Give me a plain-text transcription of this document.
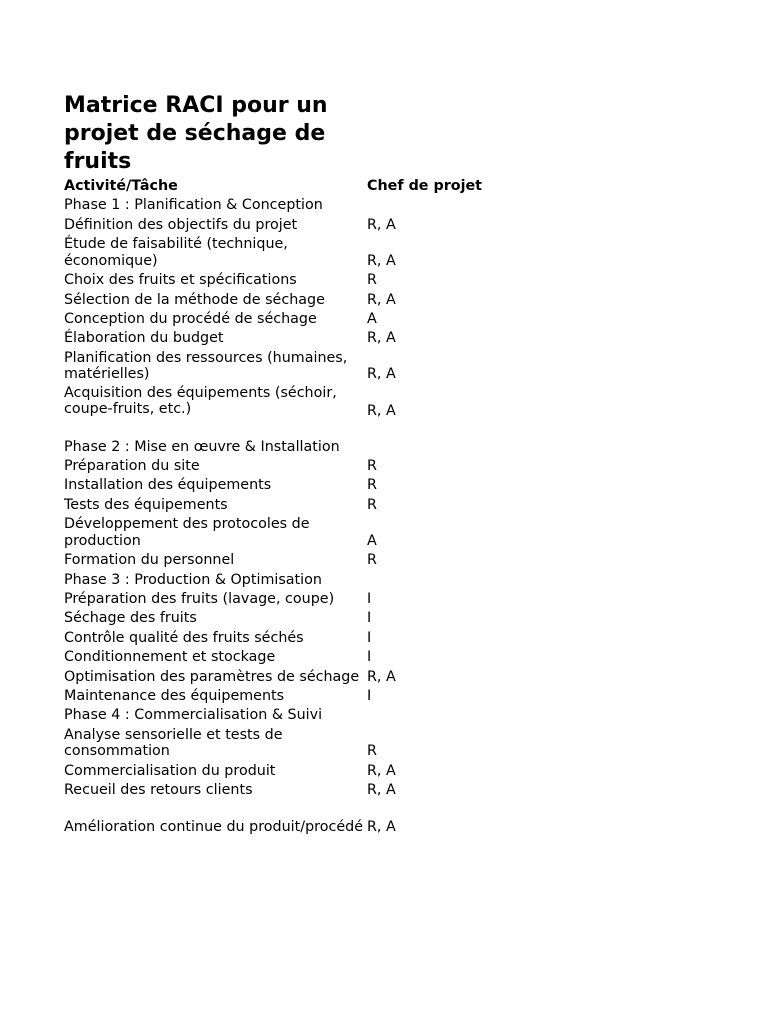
Matrice RACI pour un projet de séchage de fruits
Activité/Tâche	Chef de projet
Phase 1 : Planification & Conception	
Définition des objectifs du projet	R, A
Étude de faisabilité (technique, économique)	R, A
Choix des fruits et spécifications	R
Sélection de la méthode de séchage	R, A
Conception du procédé de séchage	A
Élaboration du budget	R, A
Planification des ressources (humaines, matérielles)	R, A

Acquisition des équipements (séchoir, coupe-fruits, etc.)	R, A
Phase 2 : Mise en œuvre & Installation	
Préparation du site	R
Installation des équipements	R
Tests des équipements	R
Développement des protocoles de production	A
Formation du personnel	R
Phase 3 : Production & Optimisation	
Préparation des fruits (lavage, coupe)	I
Séchage des fruits	I
Contrôle qualité des fruits séchés	I
Conditionnement et stockage	I
Optimisation des paramètres de séchage	R, A
Maintenance des équipements	I
Phase 4 : Commercialisation & Suivi	
Analyse sensorielle et tests de consommation	R
Commercialisation du produit	R, A
Recueil des retours clients	R, A
Amélioration continue du produit/procédé	R, A
